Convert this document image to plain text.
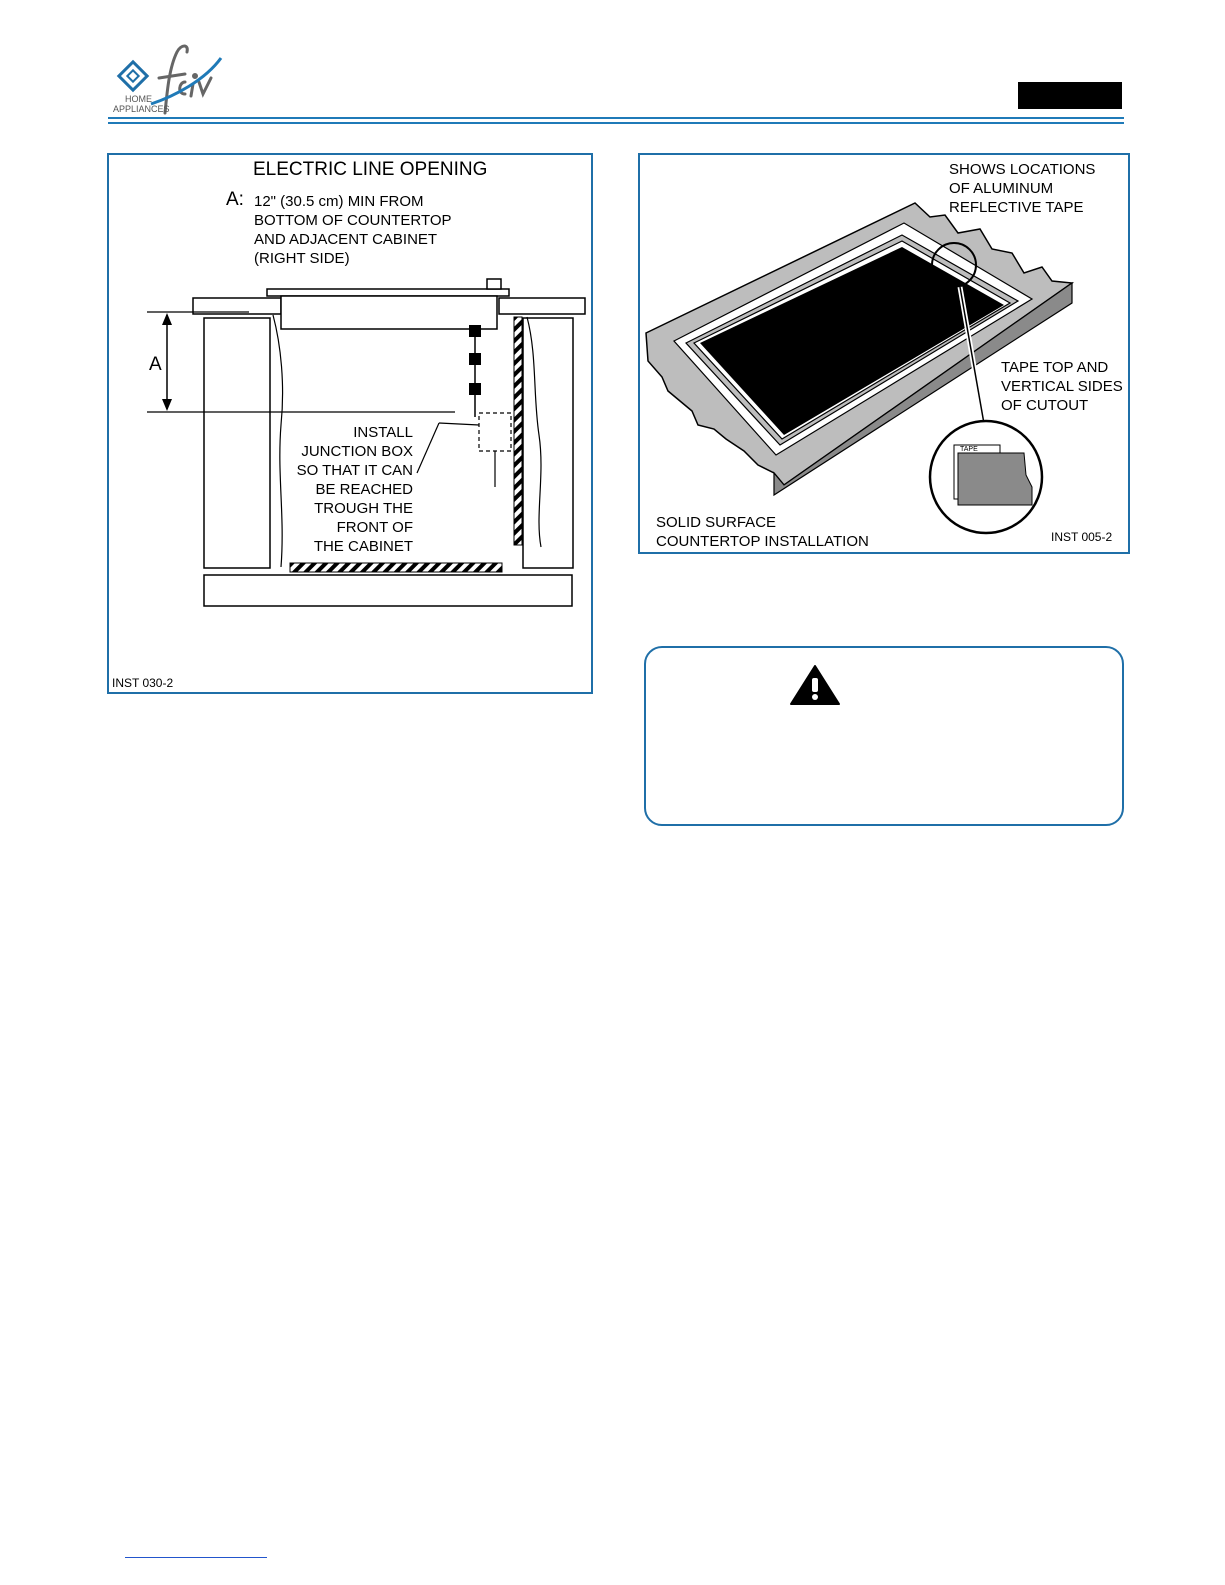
HOME
APPLIANCES
ELECTRIC LINE OPENING
A: 12" (30.5 cm) MIN FROM
BOTTOM OF COUNTERTOP
AND ADJACENT CABINET
(RIGHT SIDE)
A
INSTALL
JUNCTION BOX
SO THAT IT CAN
BE REACHED
TROUGH THE
FRONT OF
THE CABINET
INST 030-2
TAPE
SHOWS LOCATIONS
OF ALUMINUM
REFLECTIVE TAPE
TAPE TOP AND
VERTICAL SIDES
OF CUTOUT
SOLID SURFACE
COUNTERTOP INSTALLATION	INST 005-2
